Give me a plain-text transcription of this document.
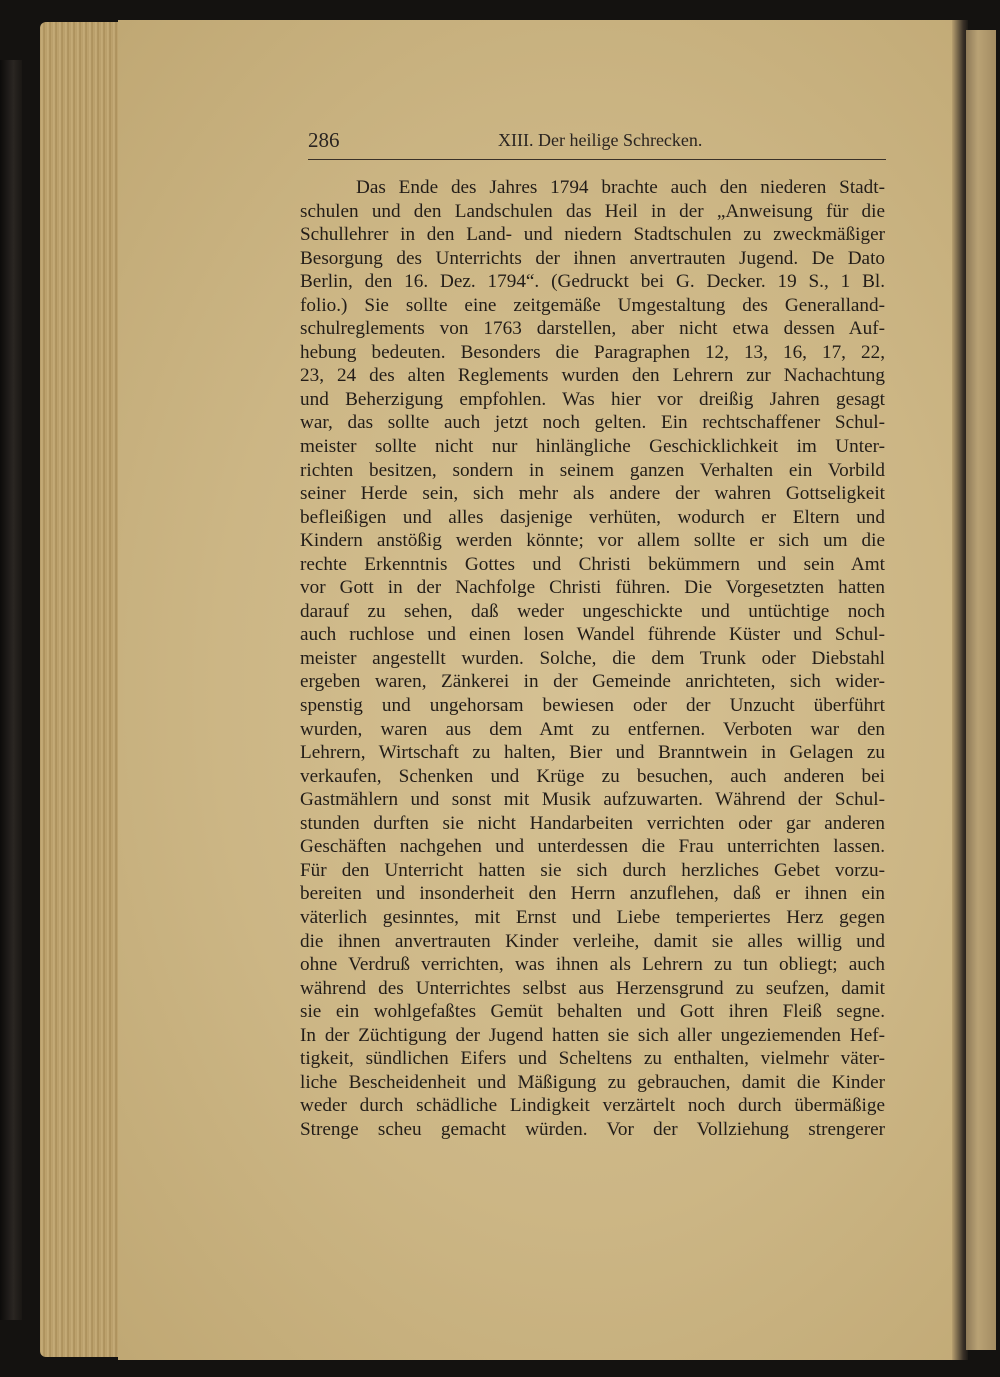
286	XIII. Der heilige Schrecken.
Das Ende des Jahres 1794 brachte auch den niederen Stadt-
schulen und den Landschulen das Heil in der „Anweisung für die
Schullehrer in den Land- und niedern Stadtschulen zu zweckmäßiger
Besorgung des Unterrichts der ihnen anvertrauten Jugend. De Dato
Berlin, den 16. Dez. 1794“. (Gedruckt bei G. Decker. 19 S., 1 Bl.
folio.) Sie sollte eine zeitgemäße Umgestaltung des Generalland-
schulreglements von 1763 darstellen, aber nicht etwa dessen Auf-
hebung bedeuten. Besonders die Paragraphen 12, 13, 16, 17, 22,
23, 24 des alten Reglements wurden den Lehrern zur Nachachtung
und Beherzigung empfohlen. Was hier vor dreißig Jahren gesagt
war, das sollte auch jetzt noch gelten. Ein rechtschaffener Schul-
meister sollte nicht nur hinlängliche Geschicklichkeit im Unter-
richten besitzen, sondern in seinem ganzen Verhalten ein Vorbild
seiner Herde sein, sich mehr als andere der wahren Gottseligkeit
befleißigen und alles dasjenige verhüten, wodurch er Eltern und
Kindern anstößig werden könnte; vor allem sollte er sich um die
rechte Erkenntnis Gottes und Christi bekümmern und sein Amt
vor Gott in der Nachfolge Christi führen. Die Vorgesetzten hatten
darauf zu sehen, daß weder ungeschickte und untüchtige noch
auch ruchlose und einen losen Wandel führende Küster und Schul-
meister angestellt wurden. Solche, die dem Trunk oder Diebstahl
ergeben waren, Zänkerei in der Gemeinde anrichteten, sich wider-
spenstig und ungehorsam bewiesen oder der Unzucht überführt
wurden, waren aus dem Amt zu entfernen. Verboten war den
Lehrern, Wirtschaft zu halten, Bier und Branntwein in Gelagen zu
verkaufen, Schenken und Krüge zu besuchen, auch anderen bei
Gastmählern und sonst mit Musik aufzuwarten. Während der Schul-
stunden durften sie nicht Handarbeiten verrichten oder gar anderen
Geschäften nachgehen und unterdessen die Frau unterrichten lassen.
Für den Unterricht hatten sie sich durch herzliches Gebet vorzu-
bereiten und insonderheit den Herrn anzuflehen, daß er ihnen ein
väterlich gesinntes, mit Ernst und Liebe temperiertes Herz gegen
die ihnen anvertrauten Kinder verleihe, damit sie alles willig und
ohne Verdruß verrichten, was ihnen als Lehrern zu tun obliegt; auch
während des Unterrichtes selbst aus Herzensgrund zu seufzen, damit
sie ein wohlgefaßtes Gemüt behalten und Gott ihren Fleiß segne.
In der Züchtigung der Jugend hatten sie sich aller ungeziemenden Hef-
tigkeit, sündlichen Eifers und Scheltens zu enthalten, vielmehr väter-
liche Bescheidenheit und Mäßigung zu gebrauchen, damit die Kinder
weder durch schädliche Lindigkeit verzärtelt noch durch übermäßige
Strenge scheu gemacht würden. Vor der Vollziehung strengerer
